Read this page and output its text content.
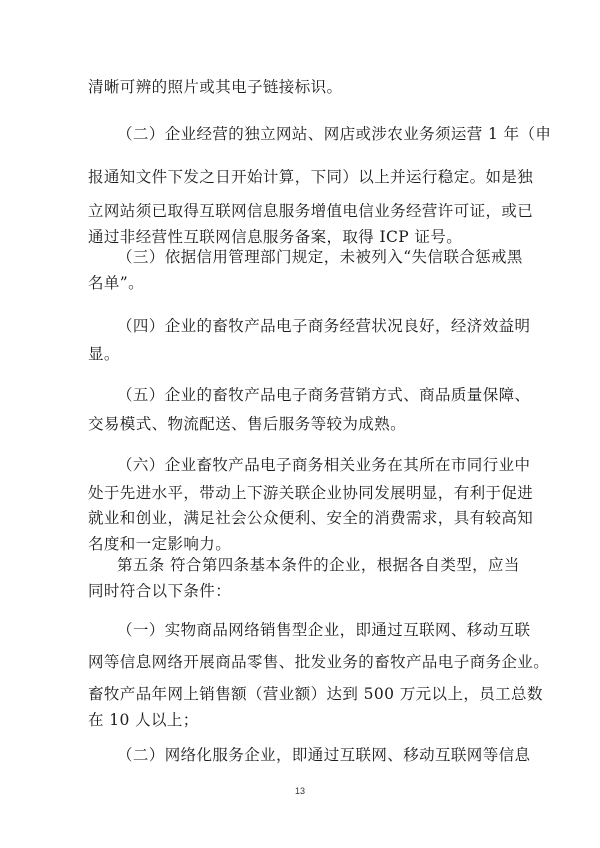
清晰可辨的照片或其电子链接标识。
（二）企业经营的独立网站、网店或涉农业务须运营 1 年（申
报通知文件下发之日开始计算，下同）以上并运行稳定。如是独
立网站须已取得互联网信息服务增值电信业务经营许可证，或已
通过非经营性互联网信息服务备案，取得 ICP 证号。
（三）依据信用管理部门规定，未被列入“失信联合惩戒黑
名单”。
（四）企业的畜牧产品电子商务经营状况良好，经济效益明
显。
（五）企业的畜牧产品电子商务营销方式、商品质量保障、
交易模式、物流配送、售后服务等较为成熟。
（六）企业畜牧产品电子商务相关业务在其所在市同行业中
处于先进水平，带动上下游关联企业协同发展明显，有利于促进
就业和创业，满足社会公众便利、安全的消费需求，具有较高知
名度和一定影响力。
第五条 符合第四条基本条件的企业，根据各自类型，应当
同时符合以下条件：
（一）实物商品网络销售型企业，即通过互联网、移动互联
网等信息网络开展商品零售、批发业务的畜牧产品电子商务企业。
畜牧产品年网上销售额（营业额）达到 500 万元以上，员工总数
在 10 人以上；
（二）网络化服务企业，即通过互联网、移动互联网等信息
13
